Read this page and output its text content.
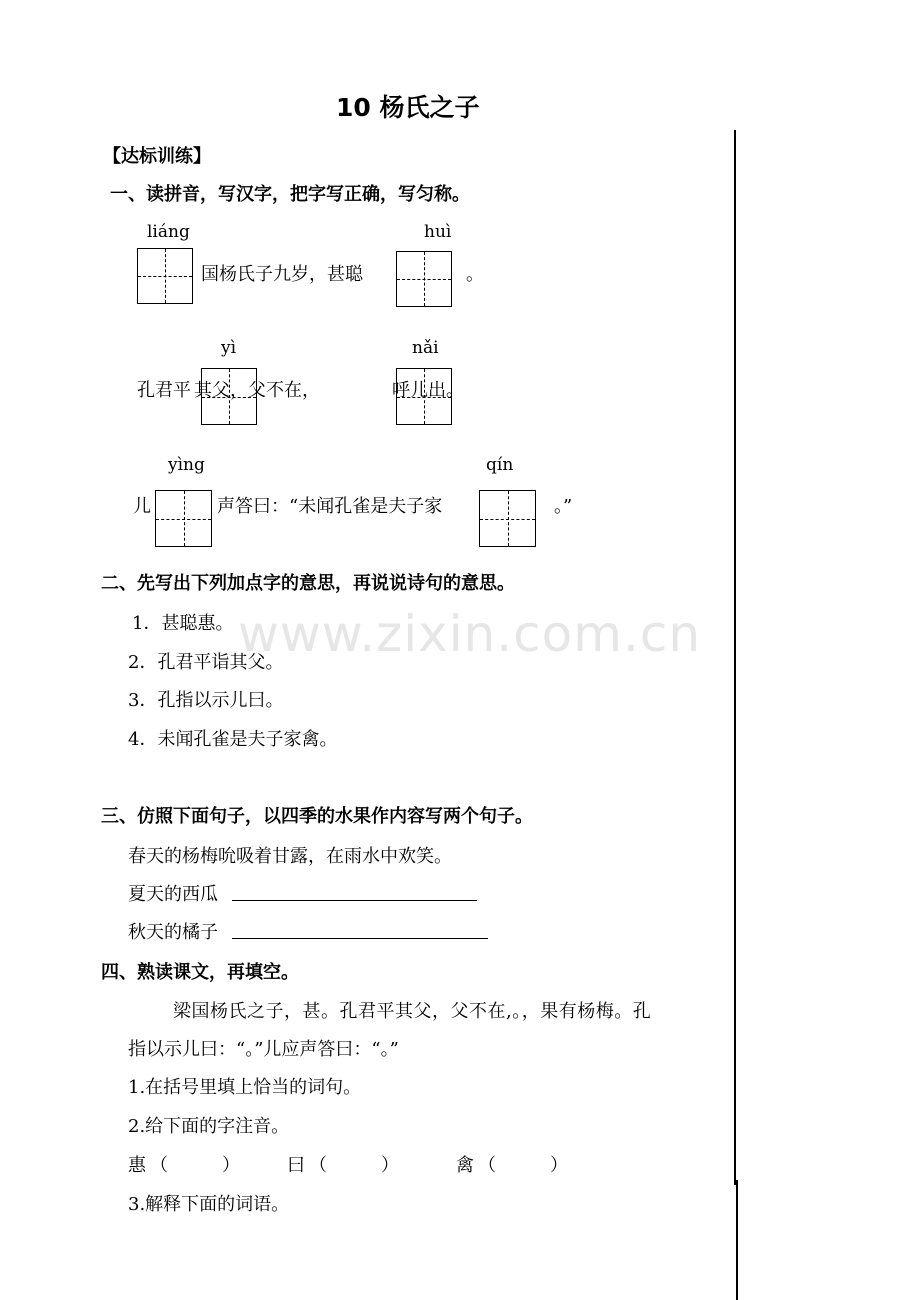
www.zixin.com.cn
10 杨氏之子
【达标训练】
一、读拼音，写汉字，把字写正确，写匀称。
liáng	huì
国杨氏子九岁，甚聪	。
yì	nǎi
孔君平 其父，父不在，	呼儿出。
yìng	qín
儿	声答曰：“未闻孔雀是夫子家	。”
二、先写出下列加点字的意思，再说说诗句的意思。
1．甚聪惠。
2．孔君平诣其父。
3．孔指以示儿曰。
4．未闻孔雀是夫子家禽。
三、仿照下面句子，以四季的水果作内容写两个句子。
春天的杨梅吮吸着甘露，在雨水中欢笑。
夏天的西瓜
秋天的橘子
四、熟读课文，再填空。
梁国杨氏之子，甚。孔君平其父，父不在,。，果有杨梅。孔
指以示儿曰：“。”儿应声答曰：“。”
1.在括号里填上恰当的词句。
2.给下面的字注音。
惠 （　　　）	曰 （　　　）	禽 （　　　）
3.解释下面的词语。
